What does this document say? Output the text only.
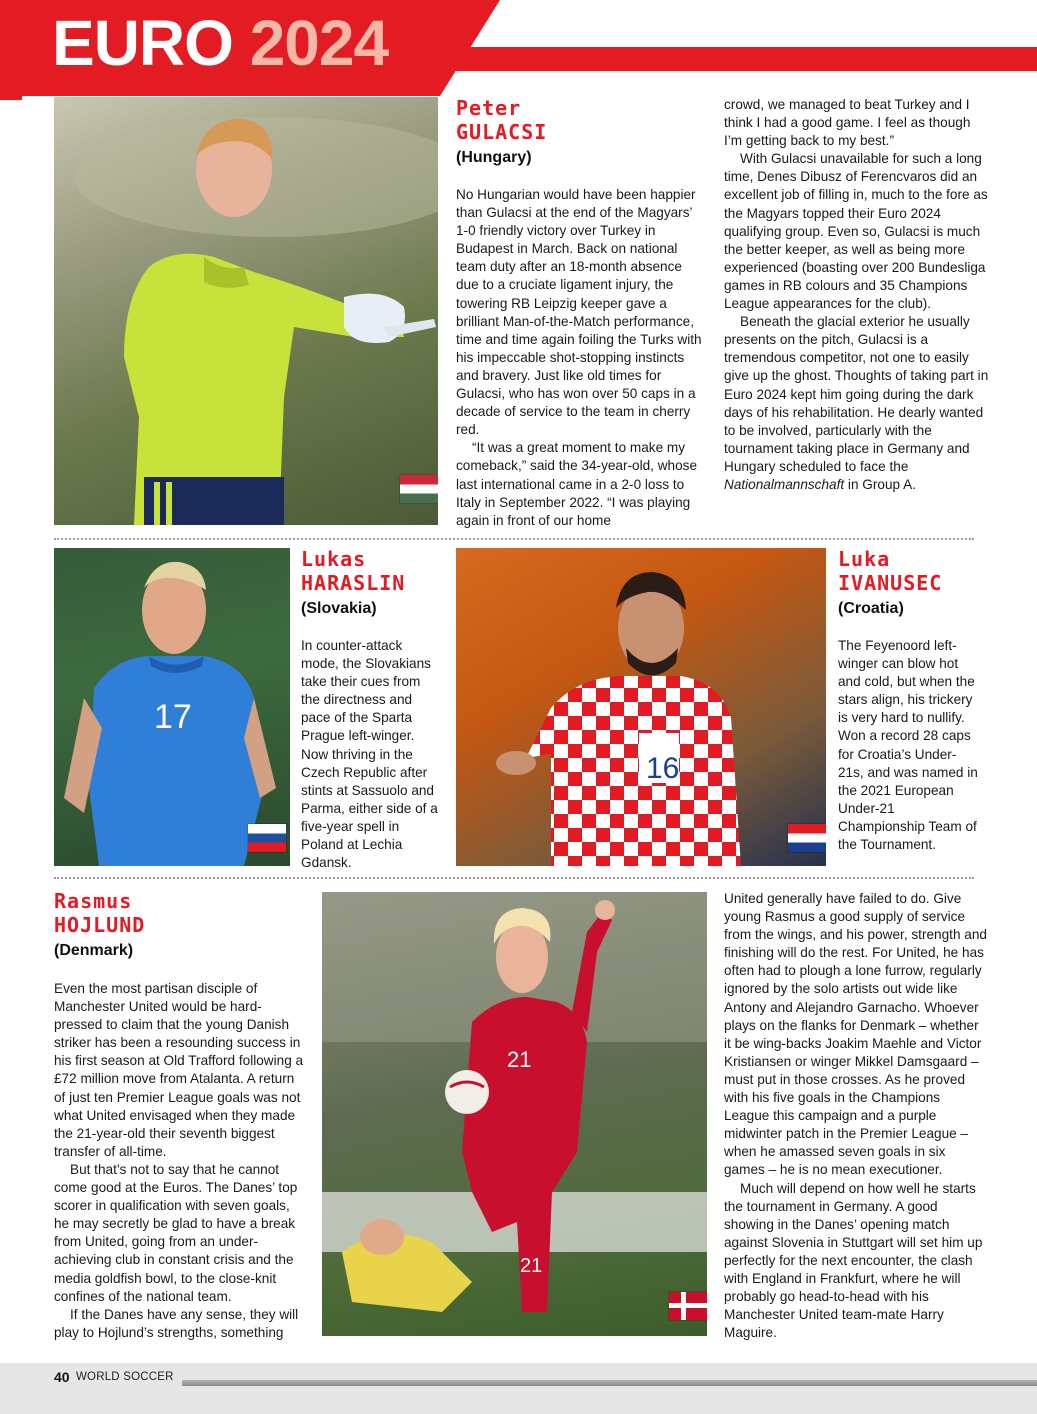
EURO 2024
Peter
GULACSI
(Hungary)

No Hungarian would have been happier than Gulacsi at the end of the Magyars’ 1-0 friendly victory over Turkey in Budapest in March. Back on national team duty after an 18-month absence due to a cruciate ligament injury, the towering RB Leipzig keeper gave a brilliant Man-of-the-Match performance, time and time again foiling the Turks with his impeccable shot-stopping instincts and bravery. Just like old times for Gulacsi, who has won over 50 caps in a decade of service to the team in cherry red.

“It was a great moment to make my comeback,” said the 34-year-old, whose last international came in a 2-0 loss to Italy in September 2022. “I was playing again in front of our home

crowd, we managed to beat Turkey and I think I had a good game. I feel as though I’m getting back to my best.”

With Gulacsi unavailable for such a long time, Denes Dibusz of Ferencvaros did an excellent job of filling in, much to the fore as the Magyars topped their Euro 2024 qualifying group. Even so, Gulacsi is much the better keeper, as well as being more experienced (boasting over 200 Bundesliga games in RB colours and 35 Champions League appearances for the club).

Beneath the glacial exterior he usually presents on the pitch, Gulacsi is a tremendous competitor, not one to easily give up the ghost. Thoughts of taking part in Euro 2024 kept him going during the dark days of his rehabilitation. He dearly wanted to be involved, particularly with the tournament taking place in Germany and Hungary scheduled to face the Nationalmannschaft in Group A.

17
Lukas
HARASLIN
(Slovakia)

In counter-attack mode, the Slovakians take their cues from the directness and pace of the Sparta Prague left-winger. Now thriving in the Czech Republic after stints at Sassuolo and Parma, either side of a five-year spell in Poland at Lechia Gdansk.

16
Luka
IVANUSEC
(Croatia)

The Feyenoord left-winger can blow hot and cold, but when the stars align, his trickery is very hard to nullify. Won a record 28 caps for Croatia’s Under-21s, and was named in the 2021 European Under-21 Championship Team of the Tournament.

Rasmus
HOJLUND
(Denmark)

Even the most partisan disciple of Manchester United would be hard-pressed to claim that the young Danish striker has been a resounding success in his first season at Old Trafford following a £72 million move from Atalanta. A return of just ten Premier League goals was not what United envisaged when they made the 21-year-old their seventh biggest transfer of all-time.

But that’s not to say that he cannot come good at the Euros. The Danes’ top scorer in qualification with seven goals, he may secretly be glad to have a break from United, going from an under-achieving club in constant crisis and the media goldfish bowl, to the close-knit confines of the national team.

If the Danes have any sense, they will play to Hojlund’s strengths, something

21
21

United generally have failed to do. Give young Rasmus a good supply of service from the wings, and his power, strength and finishing will do the rest. For United, he has often had to plough a lone furrow, regularly ignored by the solo artists out wide like Antony and Alejandro Garnacho. Whoever plays on the flanks for Denmark – whether it be wing-backs Joakim Maehle and Victor Kristiansen or winger Mikkel Damsgaard – must put in those crosses. As he proved with his five goals in the Champions League this campaign and a purple midwinter patch in the Premier League – when he amassed seven goals in six games – he is no mean executioner.

Much will depend on how well he starts the tournament in Germany. A good showing in the Danes’ opening match against Slovenia in Stuttgart will set him up perfectly for the next encounter, the clash with England in Frankfurt, where he will probably go head-to-head with his Manchester United team-mate Harry Maguire.

40 WORLD SOCCER
